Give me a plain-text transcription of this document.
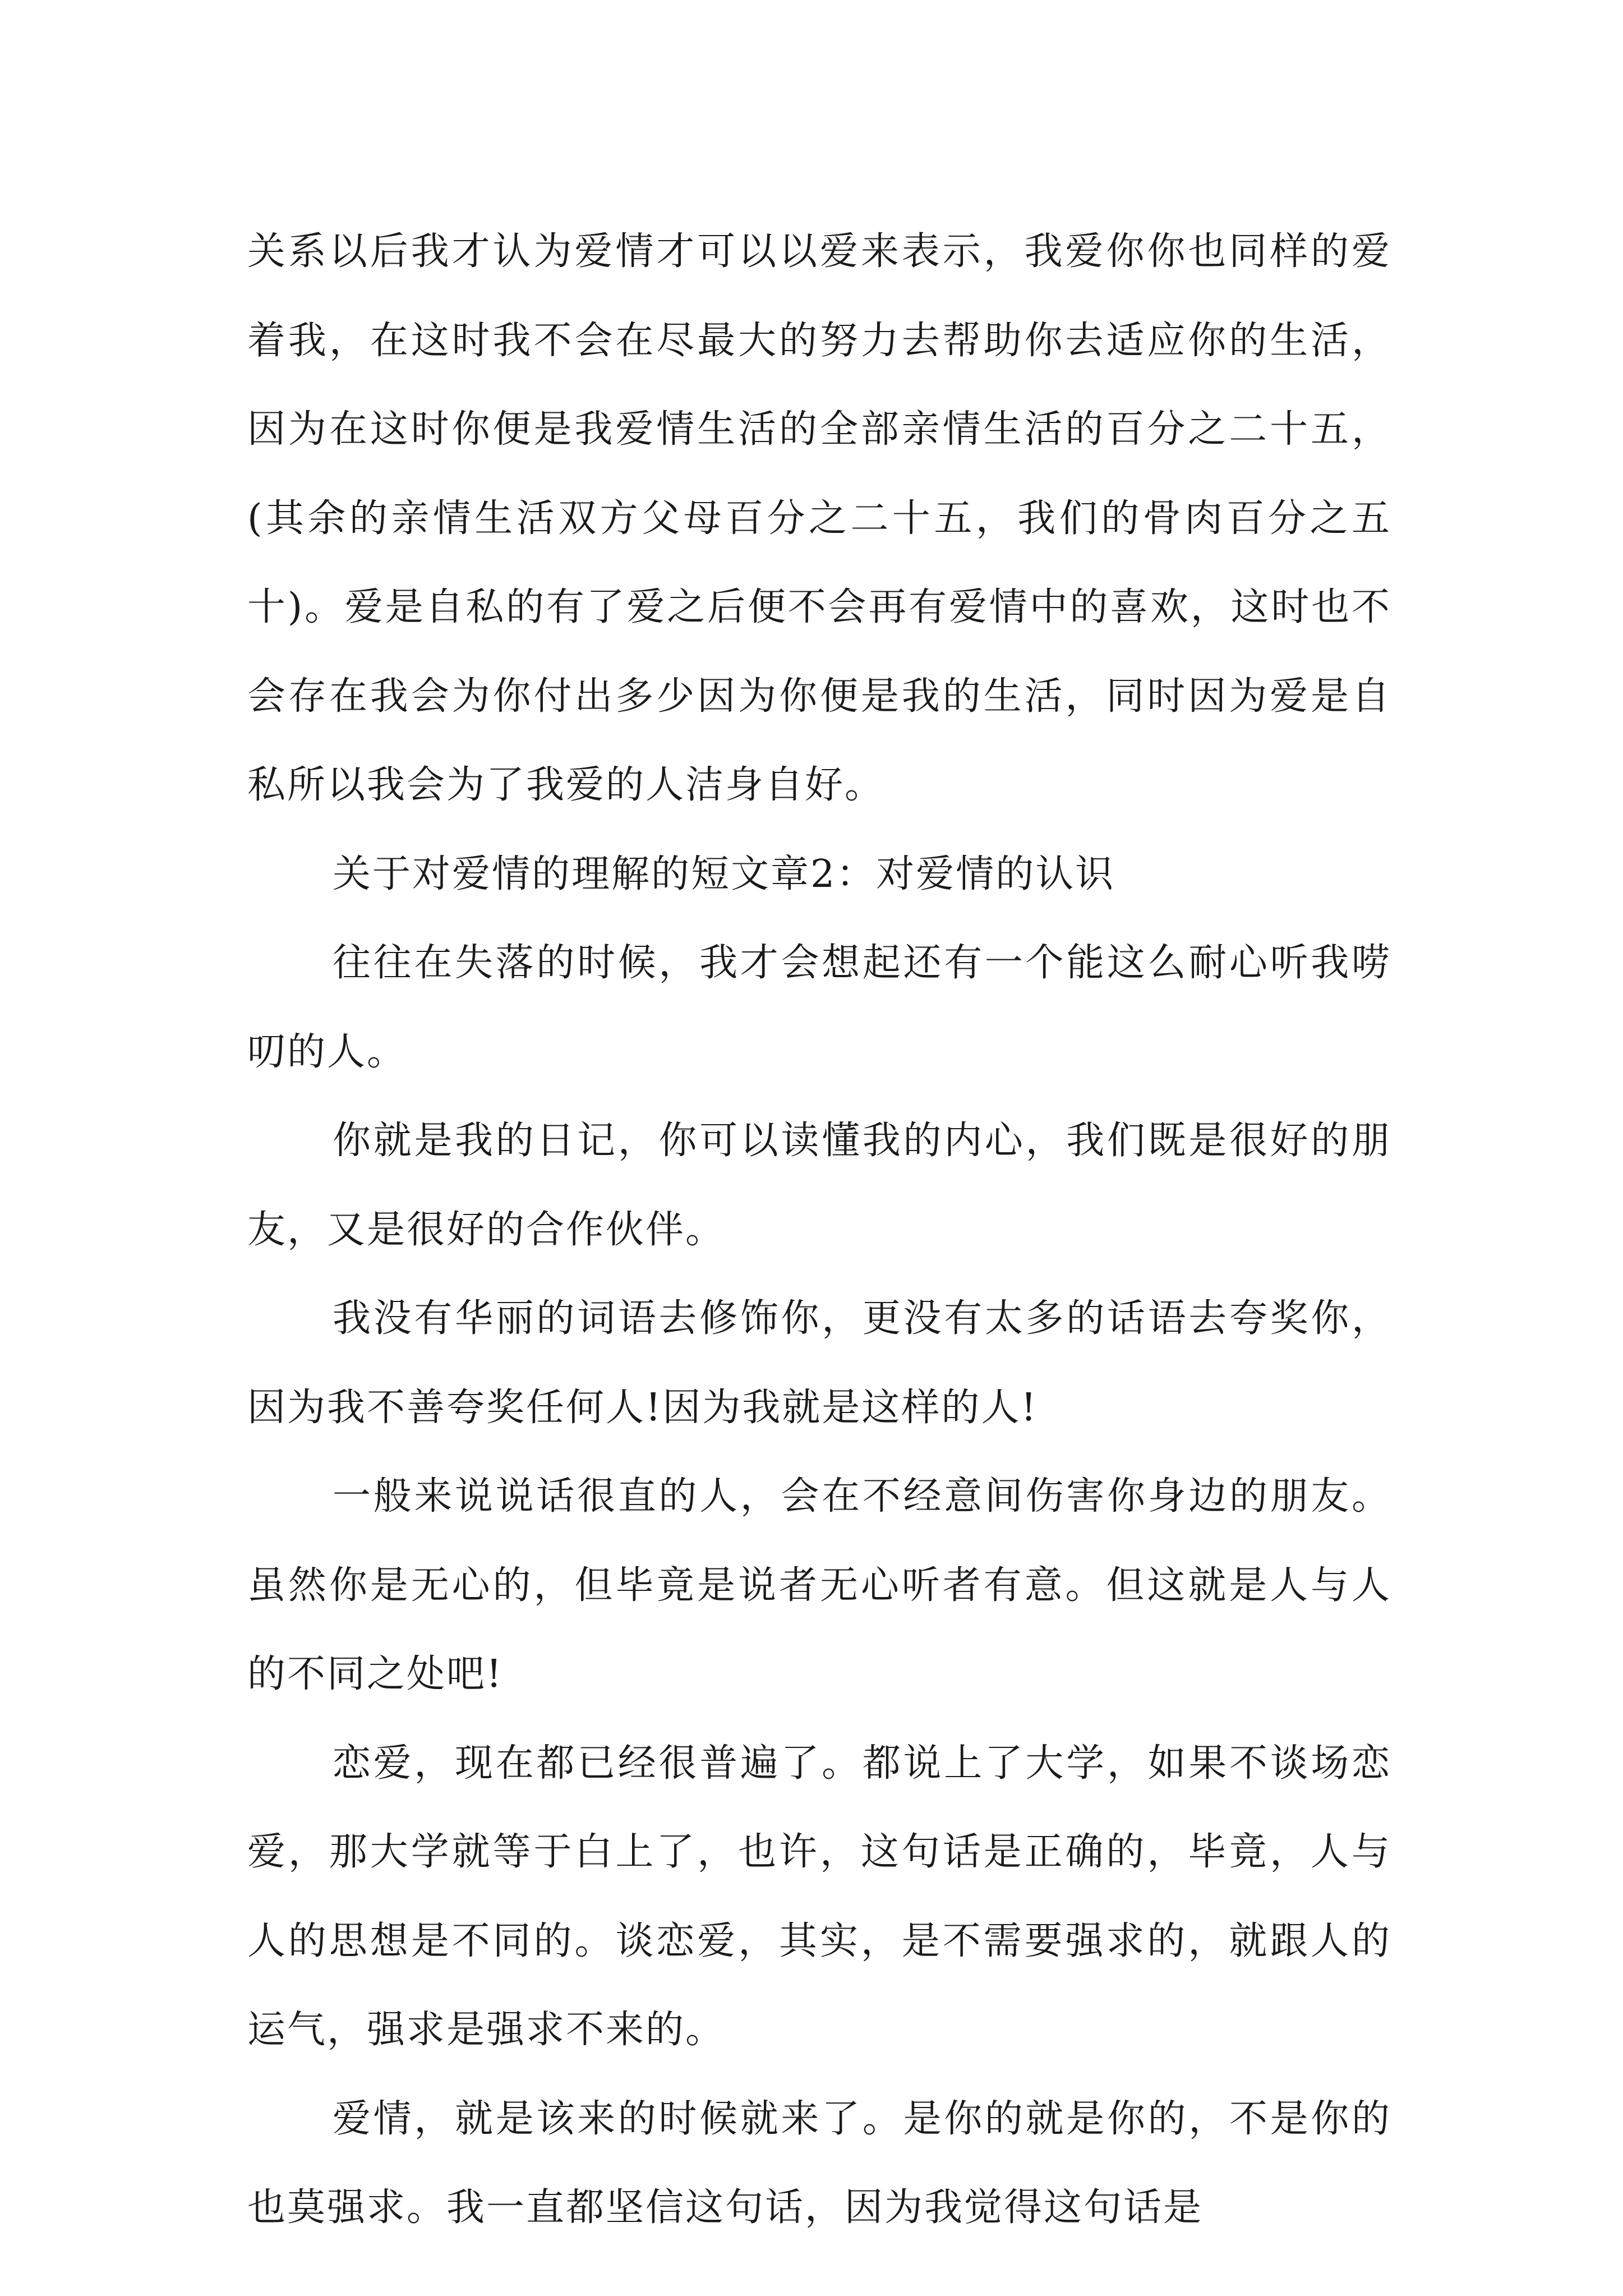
关系以后我才认为爱情才可以以爱来表示，我爱你你也同样的爱着我，在这时我不会在尽最大的努力去帮助你去适应你的生活，因为在这时你便是我爱情生活的全部亲情生活的百分之二十五，(其余的亲情生活双方父母百分之二十五，我们的骨肉百分之五十)。爱是自私的有了爱之后便不会再有爱情中的喜欢，这时也不会存在我会为你付出多少因为你便是我的生活，同时因为爱是自私所以我会为了我爱的人洁身自好。

关于对爱情的理解的短文章2：对爱情的认识

往往在失落的时候，我才会想起还有一个能这么耐心听我唠叨的人。

你就是我的日记，你可以读懂我的内心，我们既是很好的朋友，又是很好的合作伙伴。

我没有华丽的词语去修饰你，更没有太多的话语去夸奖你，因为我不善夸奖任何人!因为我就是这样的人!

一般来说说话很直的人，会在不经意间伤害你身边的朋友。虽然你是无心的，但毕竟是说者无心听者有意。但这就是人与人的不同之处吧!

恋爱，现在都已经很普遍了。都说上了大学，如果不谈场恋爱，那大学就等于白上了，也许，这句话是正确的，毕竟，人与人的思想是不同的。谈恋爱，其实，是不需要强求的，就跟人的运气，强求是强求不来的。

爱情，就是该来的时候就来了。是你的就是你的，不是你的也莫强求。我一直都坚信这句话，因为我觉得这句话是
